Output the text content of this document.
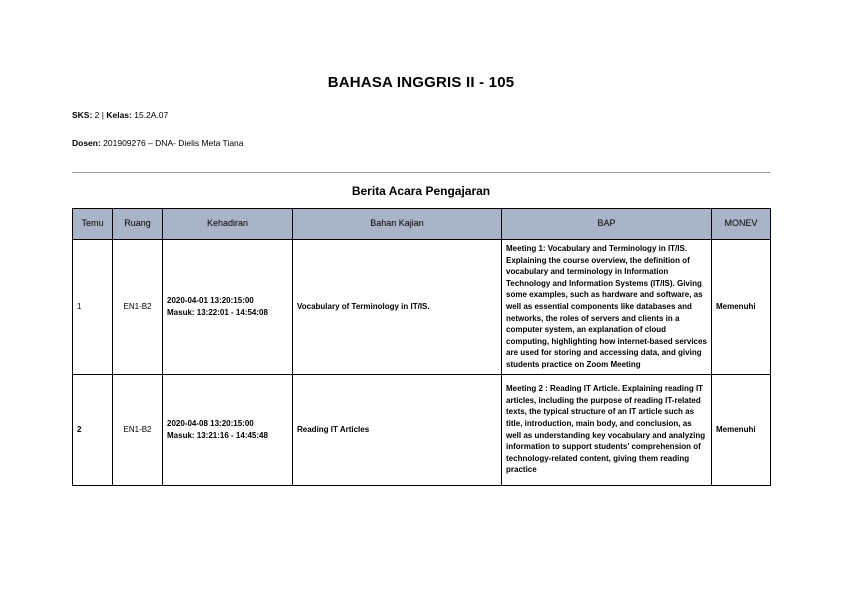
BAHASA INGGRIS II - 105
SKS: 2 | Kelas: 15.2A.07
Dosen: 201909276 – DNA- Dielis Meta Tiana
Berita Acara Pengajaran
Temu	Ruang	Kehadiran	Bahan Kajian	BAP	MONEV
1	EN1-B2	2020-04-01 13:20:15:00
Masuk: 13:22:01 - 14:54:08	Vocabulary of Terminology in IT/IS.	Meeting 1: Vocabulary and Terminology in IT/IS. Explaining the course overview, the definition of vocabulary and terminology in Information Technology and Information Systems (IT/IS). Giving some examples, such as hardware and software, as well as essential components like databases and networks, the roles of servers and clients in a computer system, an explanation of cloud computing, highlighting how internet-based services are used for storing and accessing data, and giving students practice on Zoom Meeting	Memenuhi
2	EN1-B2	2020-04-08 13:20:15:00
Masuk: 13:21:16 - 14:45:48	Reading IT Articles	Meeting 2 : Reading IT Article. Explaining reading IT articles, including the purpose of reading IT-related texts, the typical structure of an IT article such as title, introduction, main body, and conclusion, as well as understanding key vocabulary and analyzing information to support students' comprehension of technology-related content, giving them reading practice	Memenuhi
